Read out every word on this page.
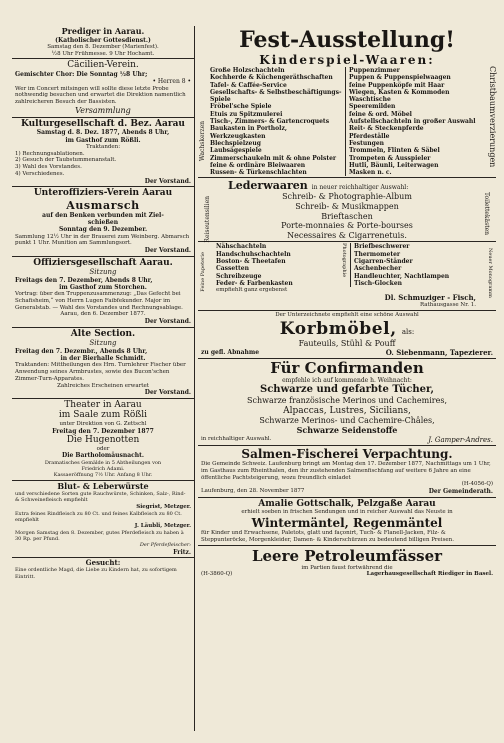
Prediger in Aarau.
(Katholischer Gottesdienst.)
Samstag den 8. Dezember (Marienfest).
½8 Uhr Frühmesse. 9 Uhr Hochamt.
Cäcilien-Verein.
Gemischter Chor: Die Sonntag ½8 Uhr;
• Herren 8 •
Wer im Concert mitsingen will sollte diese letzte Probe nothwendig besuchen und erwartet die Direktion namentlich zahlreicheren Besuch der Bassisten.
Versammlung
Kulturgesellschaft d. Bez. Aarau
Samstag d. 8. Dez. 1877, Abends 8 Uhr,
im Gasthof zum Rößli.
Traktanden:
1) Rechnungsablationen.
2) Gesuch der Taubstummenanstalt.
3) Wahl des Vorstandes.
4) Verschiedenes.
Der Vorstand.
Unteroffiziers-Verein Aarau
Ausmarsch
auf den Benken verbunden mit Ziel-
schießen
Sonntag den 9. Dezember.
Sammlung 12½ Uhr in der Brauerei zum Weinberg. Abmarsch punkt 1 Uhr. Munition am Sammlungsort.
Der Vorstand.
Offiziersgesellschaft Aarau.
Sitzung
Freitags den 7. Dezember, Abends 8 Uhr,
im Gasthof zum Storchen.
Vortrag: über den Truppenzusammenzug: „Das Gefecht bei Schafisheim,“ von Herrn Lugen Faibfekunder. Major im Generalstab. — Wahl des Vorstandes und Rechnungsablage.
Aarau, den 6. Dezember 1877.
Der Vorstand.
Alte Section.
Sitzung
Freitag den 7. Dezembr., Abends 8 Uhr,
in der Bierhalle Schmidt.
Traktanden: Mittheilungen des Hrn. Turnlehrer Fischer über Anwendung seines Armbrustes, sowie des Bucon'schen Zimmer-Turn-Apparates.
Zahlreiches Erscheinen erwartet
Der Vorstand.
Theater in Aarau
im Saale zum Rößli
unter Direktion von G. Zettschl
Freitag den 7. Dezember 1877
Die Hugenotten
oder
Die Bartholomäusnacht.
Dramatisches Gemälde in 5 Abtheilungen von
Friedrich Adami.
Kassaeröffnung 7½ Uhr. Anfang 8 Uhr.
Blut- & Leberwürste
und verschiedene Sorten gute Rauchwürste, Schinken, Salz-, Rind- & Schweinefleisch empfiehlt
Siegrist, Metzger.
Extra feines Rindfleisch zu 80 Ct. und feines Kalbfleisch zu 80 Ct. empfiehlt
J. Läubli, Metzger.
Morgen Samstag den 8. Dezember, gutes Pferdefleisch zu haben à 30 Rp. per Pfund.
Der Pferdefleischer:
Fritz.
Gesucht:
Eine ordentliche Magd, die Liebe zu Kindern hat, zu sofortigem Eintritt.
Wachskerzen	Christbaumverzierungen
Fest-Ausstellung!
Kinderspiel-Waaren:
Große Holzschachteln
Kochherde & Küchengeräthschaften
Tafel- & Caffée-Service
Gesellschafts- & Selbstbeschäftigungs-
Spiele
Fröbel'sche Spiele
Etuis zu Spitzmulerei
Tisch-, Zimmers- & Gartencroquets
Baukasten in Portholz,
Werkzeugkasten
Blechspielzeug
Laubsägespiele
Zimmerschaukeln mit & ohne Polster
feine & ordinäre Bleiwaaren
Russen- & Türkenschlachten
Puppenzimmer
Puppen & Puppenspielwaagen
feine Puppenköpfe mit Haar
Wiegen, Kasten & Kommoden
Waschtische
Speeremilden
feine & ord. Möbel
Aufstellschachteln in großer Auswahl
Reit- & Steckenpferde
Pferdeställe
Festungen
Trommeln, Flinten & Säbel
Trompeten & Ausspieler
Hutli, Bäunli, Leiterwagen
Masken n. c.
Reiseutensilien	Toilettekästen
Lederwaaren in neuer reichhaltiger Auswahl:
Schreib- & Photographie-Album
Schreib- & Musikmappen
Brieftaschen
Porte-monnaies & Porte-bourses
Necessaires & Cigarrenetuis.
Feine Papeterie	Neuer Monogramm
Nähschachteln
Handschuhschachteln
Boston- & Theetafen
Cassetten
Schreibzeuge
Feder- & Farbenkasten
Photographie Briefbeschwerer
Thermometer
Cigarren-Ständer
Aschenbecher
Handleuchter, Nachtlampen
Tisch-Glocken
empfiehlt ganz ergebenst
Dl. Schmuziger - Fisch,
Rathausgasse Nr. 1.
Der Unterzeichnete empfiehlt eine schöne Auswahl
Korbmöbel, als:
Fauteuils, Stühl & Pouff
zu gefl. Abnahme	O. Siebenmann, Tapezierer.
Für Confirmanden
empfehle ich auf kommende h. Weihnacht:
Schwarze und gefarbte Tücher,
Schwarze französische Merinos und Cachemires,
Alpaccas, Lustres, Sicilians,
Schwarze Merinos- und Cachemire-Châles,
Schwarze Seidenstoffe
in reichhaltiger Auswahl.	J. Gamper-Andres.
Salmen-Fischerei Verpachtung.
Die Gemeinde Schweiz. Laufenburg bringt am Montag den 17. Dezember 1877, Nachmittags um 1 Uhr, im Gasthaus zum Rheinthalen, den ihr zustehenden Salmenfischfang auf weitere 6 Jahre an eine öffentliche Pachtsteigerung, wozu freundlich einladet
(H-4056-Q)
Laufenburg, den 28. November 1877	Der Gemeinderath.
Amalie Gottschalk, Pelzgaße Aarau
erhielt soeben in frischen Sendungen und in reicher Auswahl das Neuste in
Wintermäntel, Regenmäntel
für Kinder und Erwachsene, Paletots, glatt und façonirt, Tuch- & Flanell-Jacken, Filz- & Steppunteröcke, Morgenkleider, Damen- & Kinderschürzen zu bedeutend billigen Preisen.
Leere Petroleumfässer
im Partien faust fortwährend die
(H-3860-Q)	Lagerhausgesellschaft Riediger in Basel.
